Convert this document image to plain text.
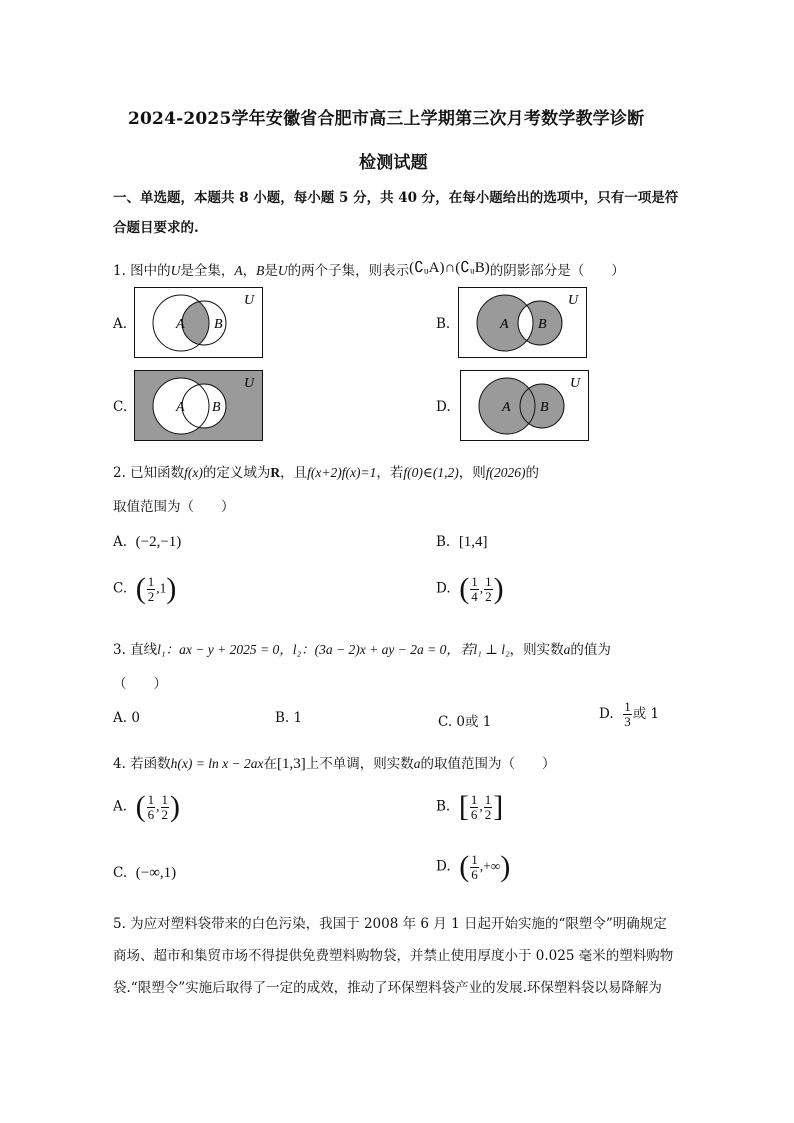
2024-2025学年安徽省合肥市高三上学期第三次月考数学教学诊断
检测试题
一、单选题，本题共 8 小题，每小题 5 分，共 40 分，在每小题给出的选项中，只有一项是符
合题目要求的.
1. 图中的U是全集，A，B是U的两个子集，则表示(∁ᵤA)∩(∁ᵤB)的阴影部分是（　　）
A.	B.
C.	D.
A B
U
A B
U
A B
U
A B
U
2. 已知函数f(x)的定义域为R，且f(x+2)f(x)=1，若f(0)∈(1,2)，则f(2026)的
取值范围为（　　）
A. (−2,−1)	B. [1,4]
C. ( $\frac{1}{2} ,1$)	D. ( $\frac{1}{4}$ , $\frac{1}{2}$ )
3. 直线l₁：ax − y + 2025 = 0，l₂：(3a − 2)x + ay − 2a = 0，若l₁ ⊥ l₂，则实数a的值为
（　　）
A. 0	B. 1	C. 0或 1	D. $\frac{1}{3}$ 或 1
4. 若函数h(x) = ln x − 2ax在[1,3]上不单调，则实数a的取值范围为（　　）
A. ( $\frac{1}{6}$ , $\frac{1}{2}$ )	B. [ $\frac{1}{6}$ , $\frac{1}{2}$ ]
C. (−∞,1)	D. ( $\frac{1}{6}$ ,+∞)
5. 为应对塑料袋带来的白色污染，我国于 2008 年 6 月 1 日起开始实施的“限塑令”明确规定
商场、超市和集贸市场不得提供免费塑料购物袋，并禁止使用厚度小于 0.025 毫米的塑料购物
袋.“限塑令”实施后取得了一定的成效，推动了环保塑料袋产业的发展.环保塑料袋以易降解为
